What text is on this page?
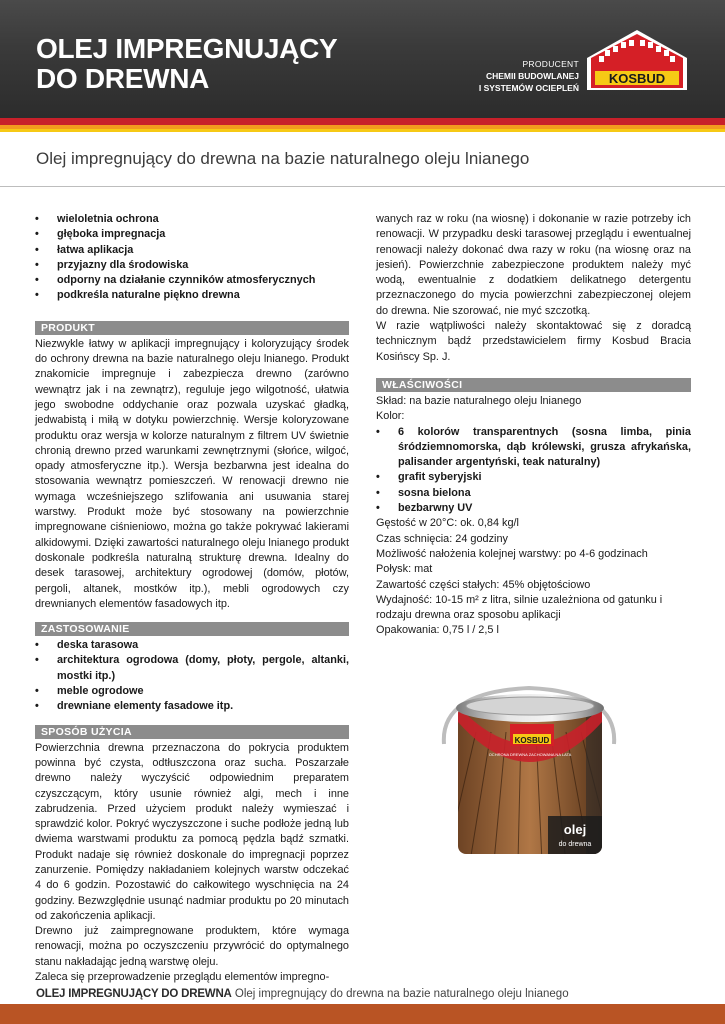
OLEJ IMPREGNUJĄCY
DO DREWNA	PRODUCENT
CHEMII BUDOWLANEJ
I SYSTEMÓW OCIEPLEŃ
KOSBUD
Olej impregnujący do drewna na bazie naturalnego oleju lnianego
• wieloletnia ochrona
• głęboka impregnacja
• łatwa aplikacja
• przyjazny dla środowiska
• odporny na działanie czynników atmosferycznych
• podkreśla naturalne piękno drewna
PRODUKT

Niezwykle łatwy w aplikacji impregnujący i koloryzujący środek do ochrony drewna na bazie naturalnego oleju lnianego. Produkt znakomicie impregnuje i zabezpiecza drewno (zarówno wewnątrz jak i na zewnątrz), reguluje jego wilgotność, ułatwia jego swobodne oddychanie oraz pozwala uzyskać gładką, jedwabistą i miłą w dotyku powierzchnię. Wersje koloryzowane produktu oraz wersja w kolorze naturalnym z filtrem UV świetnie chronią drewno przed warunkami zewnętrznymi (słońce, wilgoć, opady atmosferyczne itp.). Wersja bezbarwna jest idealna do stosowania wewnątrz pomieszczeń. W renowacji drewno nie wymaga wcześniejszego szlifowania ani usuwania starej warstwy. Produkt może być stosowany na powierzchnie impregnowane ciśnieniowo, można go także pokrywać lakierami alkidowymi. Dzięki zawartości naturalnego oleju lnianego produkt doskonale podkreśla naturalną strukturę drewna. Idealny do desek tarasowej, architektury ogrodowej (domów, płotów, pergoli, altanek, mostków itp.), mebli ogrodowych czy drewnianych elementów fasadowych itp.

ZASTOSOWANIE
• deska tarasowa
• architektura ogrodowa (domy, płoty, pergole, altanki, mostki itp.)
• meble ogrodowe
• drewniane elementy fasadowe itp.
SPOSÓB UŻYCIA

Powierzchnia drewna przeznaczona do pokrycia produktem powinna być czysta, odtłuszczona oraz sucha. Poszarzałe drewno należy wyczyścić odpowiednim preparatem czyszczącym, który usunie również algi, mech i inne zabrudzenia. Przed użyciem produkt należy wymieszać i sprawdzić kolor. Pokryć wyczyszczone i suche podłoże jedną lub dwiema warstwami produktu za pomocą pędzla bądź szmatki. Produkt nadaje się również doskonale do impregnacji poprzez zanurzenie. Pomiędzy nakładaniem kolejnych warstw odczekać 4 do 6 godzin. Pozostawić do całkowitego wyschnięcia na 24 godziny. Bezwzględnie usunąć nadmiar produktu po 20 minutach od zakończenia aplikacji.

Drewno już zaimpregnowane produktem, które wymaga renowacji, można po oczyszczeniu przywrócić do optymalnego stanu nakładając jedną warstwę oleju.

Zaleca się przeprowadzenie przeglądu elementów impregno-

wanych raz w roku (na wiosnę) i dokonanie w razie potrzeby ich renowacji. W przypadku deski tarasowej przeglądu i ewentualnej renowacji należy dokonać dwa razy w roku (na wiosnę oraz na jesień). Powierzchnie zabezpieczone produktem należy myć wodą, ewentualnie z dodatkiem delikatnego detergentu przeznaczonego do mycia powierzchni zabezpieczonej olejem do drewna. Nie szorować, nie myć szczotką.

W razie wątpliwości należy skontaktować się z doradcą technicznym bądź przedstawicielem firmy Kosbud Bracia Kosińscy Sp. J.

WŁAŚCIWOŚCI
Skład: na bazie naturalnego oleju lnianego
Kolor:
• 6 kolorów transparentnych (sosna limba, pinia śródziemnomorska, dąb królewski, grusza afrykańska, palisander argentyński, teak naturalny)
• grafit syberyjski
• sosna bielona
• bezbarwny UV
Gęstość w 20°C: ok. 0,84 kg/l
Czas schnięcia: 24 godziny
Możliwość nałożenia kolejnej warstwy: po 4-6 godzinach
Połysk: mat
Zawartość części stałych: 45% objętościowo
Wydajność: 10-15 m² z litra, silnie uzależniona od gatunku i rodzaju drewna oraz sposobu aplikacji
Opakowania: 0,75 l / 2,5 l
KOSBUD
OCHRONA DREWNA ZACHOWANA NA LATA
olej
do drewna
OLEJ IMPREGNUJĄCY DO DREWNA Olej impregnujący do drewna na bazie naturalnego oleju lnianego
